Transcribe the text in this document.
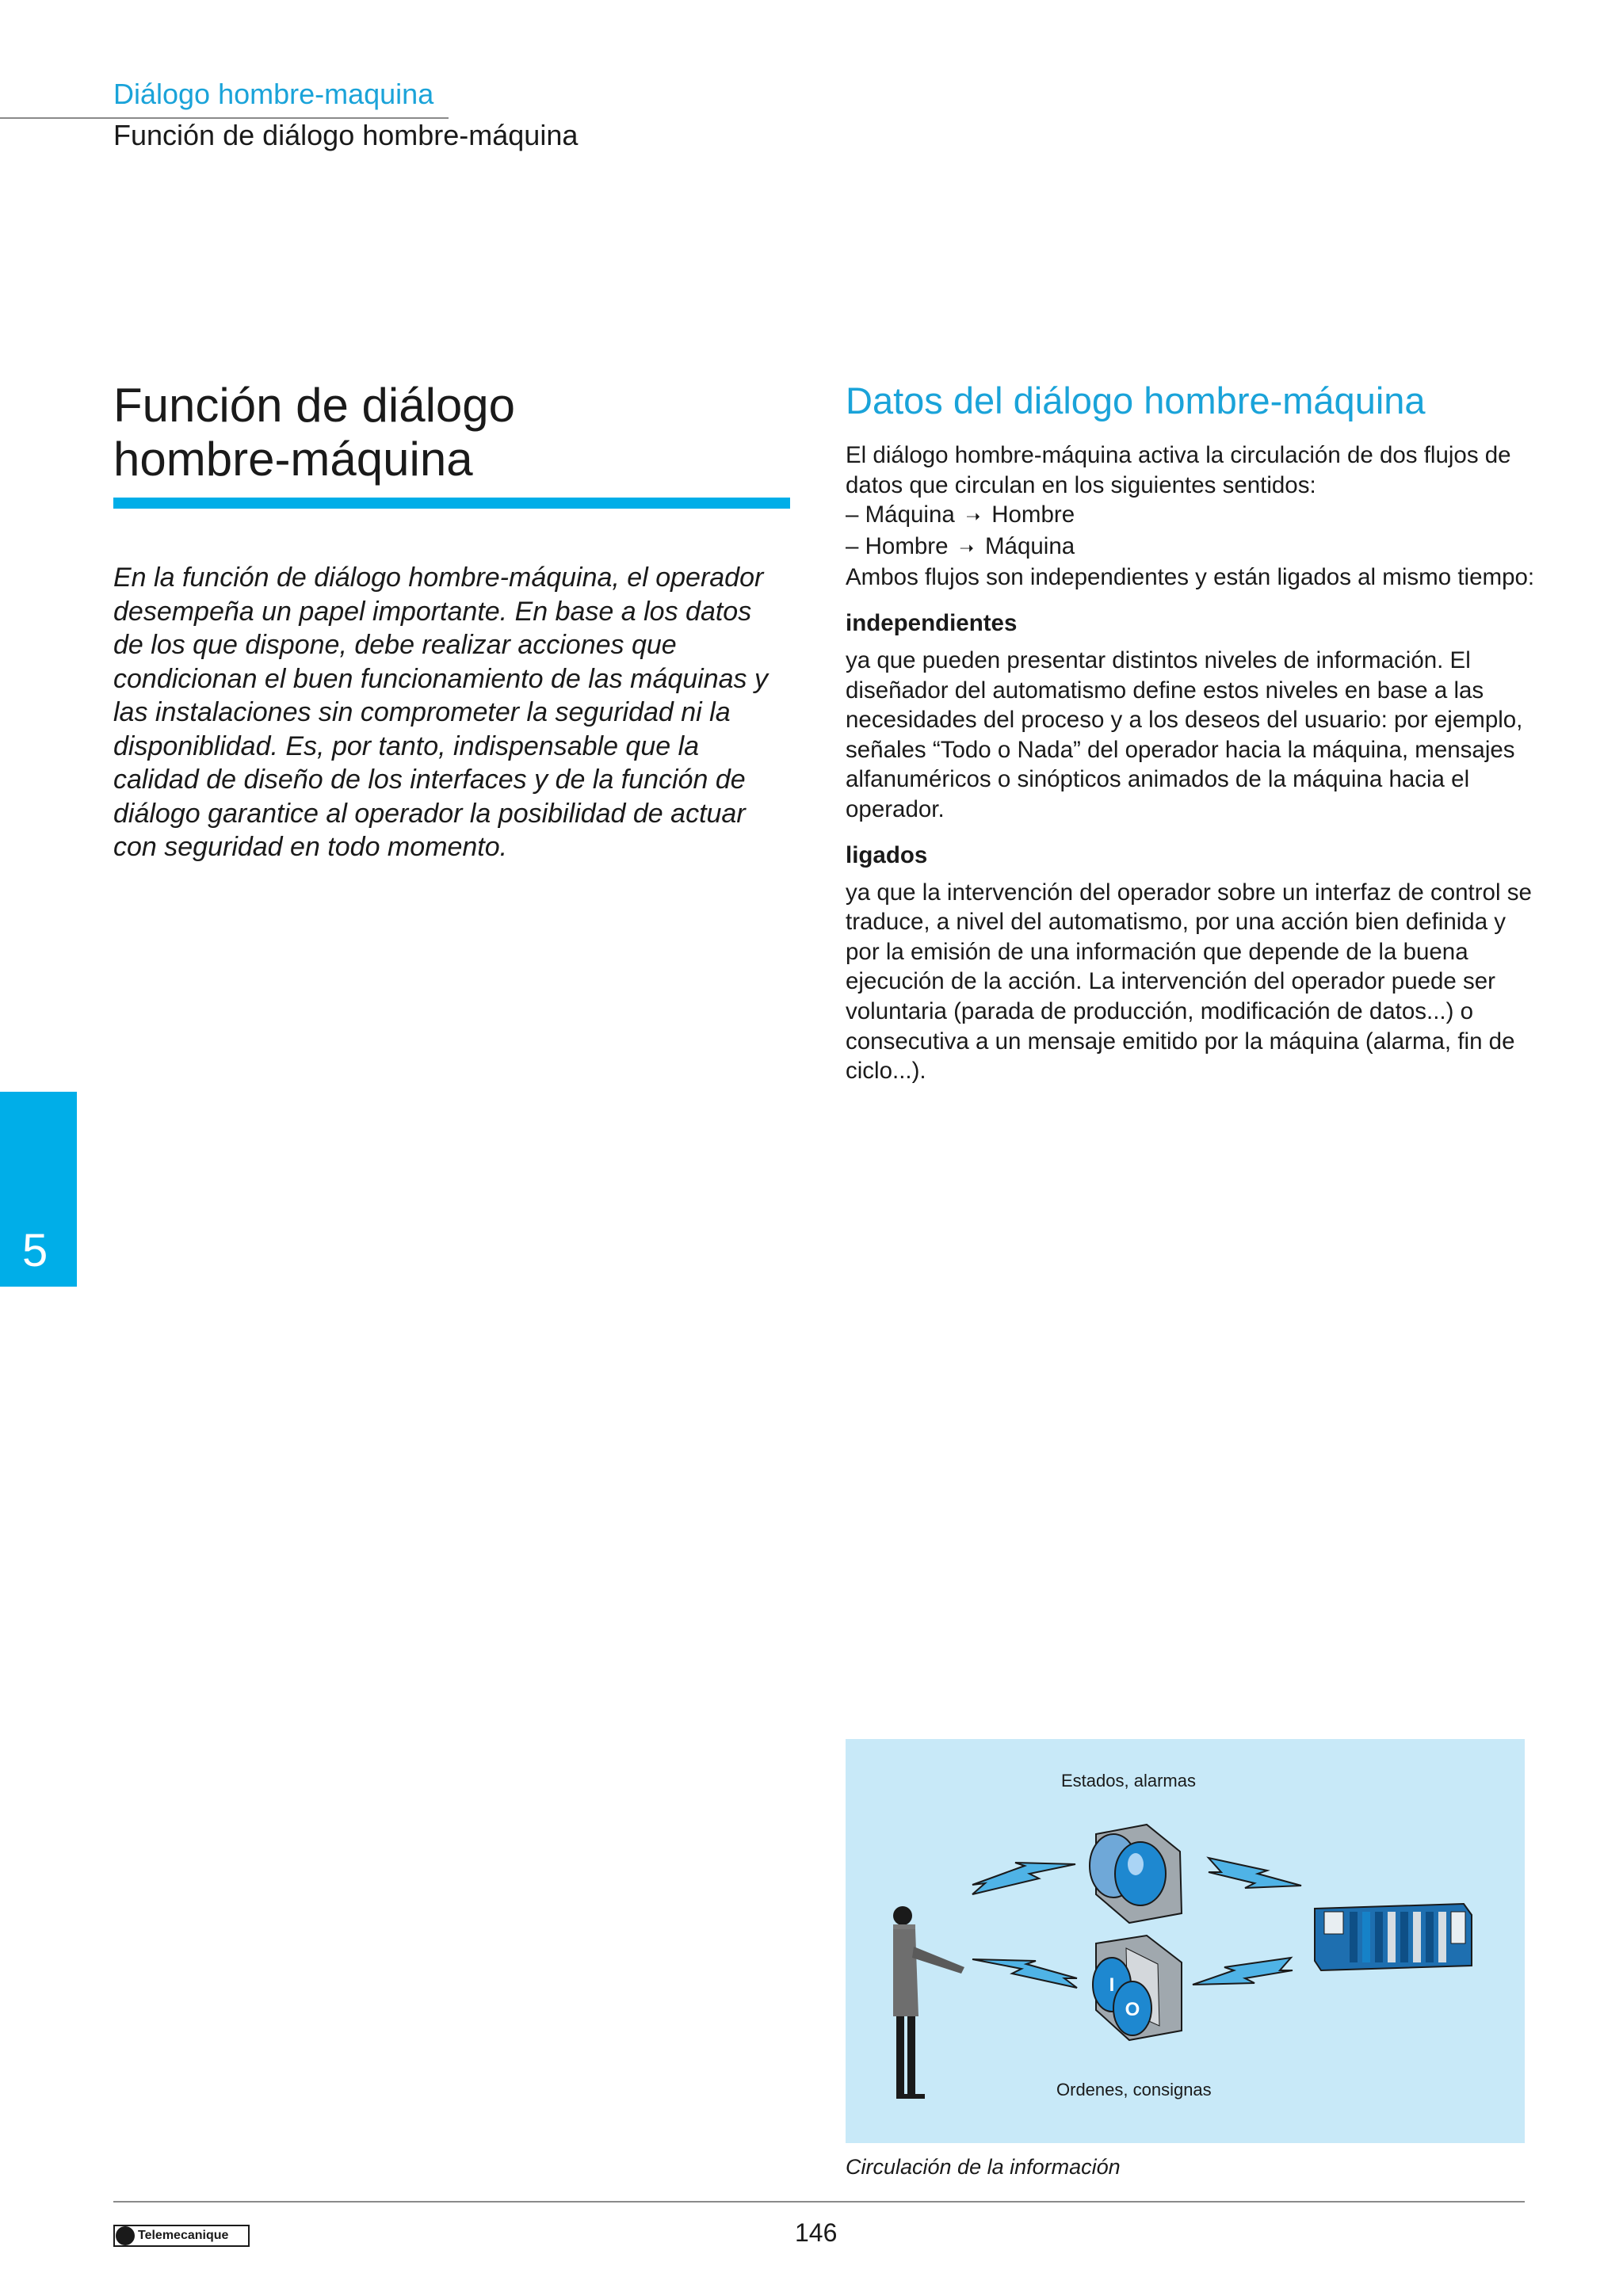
Diálogo hombre-maquina
Función de diálogo hombre-máquina
Función de diálogo
hombre-máquina
En la función de diálogo hombre-máquina, el operador desempeña un papel importante. En base a los datos de los que dispone, debe realizar acciones que condicionan el buen funcionamiento de las máquinas y las instalaciones sin comprometer la seguridad ni la disponiblidad. Es, por tanto, indispensable que la calidad de diseño de los interfaces y de la función de diálogo garantice al operador la posibilidad de actuar con seguridad en todo momento.
Datos del diálogo hombre-máquina

El diálogo hombre-máquina activa la circulación de dos flujos de datos que circulan en los siguientes sentidos:

– Máquina ➝ Hombre

– Hombre ➝ Máquina

Ambos flujos son independientes y están ligados al mismo tiempo:

independientes

ya que pueden presentar distintos niveles de información. El diseñador del automatismo define estos niveles en base a las necesidades del proceso y a los deseos del usuario: por ejemplo, señales “Todo o Nada” del operador hacia la máquina, mensajes alfanuméricos o sinópticos animados de la máquina hacia el operador.

ligados

ya que la intervención del operador sobre un interfaz de control se traduce, a nivel del automatismo, por una acción bien definida y por la emisión de una información que depende de la buena ejecución de la acción. La intervención del operador puede ser voluntaria (parada de producción, modificación de datos...) o consecutiva a un mensaje emitido por la máquina (alarma, fin de ciclo...).

5
Estados, alarmas
Ordenes, consignas
I
O
Circulación de la información
Telemecanique	146
